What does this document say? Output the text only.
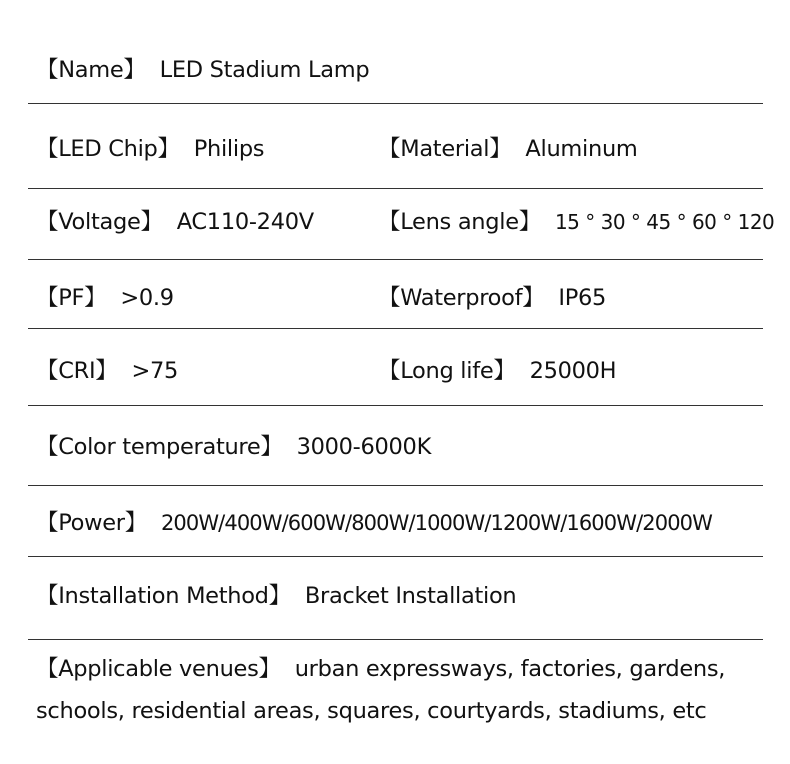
【Name】 LED Stadium Lamp
【LED Chip】 Philips	【Material】 Aluminum
【Voltage】 AC110-240V	【Lens angle】 15 ° 30 ° 45 ° 60 ° 120
【PF】 >0.9	【Waterproof】 IP65
【CRI】 >75	【Long life】 25000H
【Color temperature】 3000-6000K
【Power】 200W/400W/600W/800W/1000W/1200W/1600W/2000W
【Installation Method】 Bracket Installation
【Applicable venues】 urban expressways, factories, gardens, schools, residential areas, squares, courtyards, stadiums, etc
